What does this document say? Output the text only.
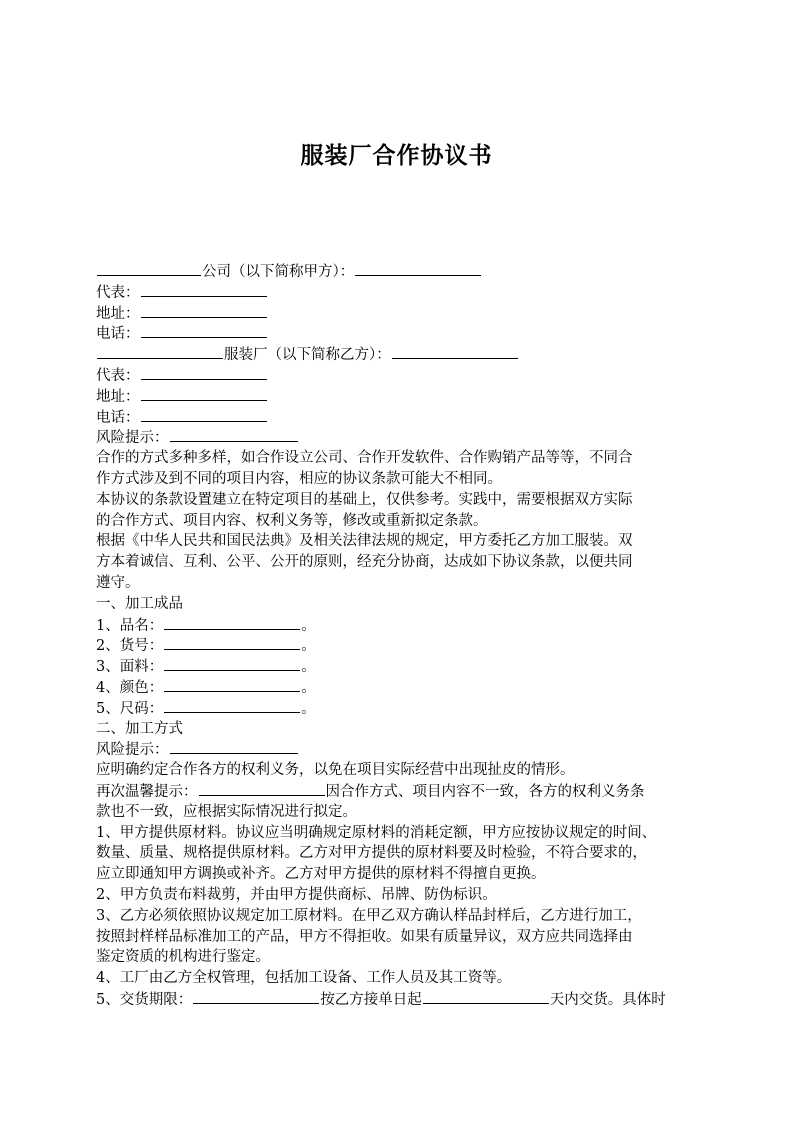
服装厂合作协议书
公司（以下简称甲方）：
代表：
地址：
电话：
服装厂（以下简称乙方）：
代表：
地址：
电话：
风险提示：
合作的方式多种多样，如合作设立公司、合作开发软件、合作购销产品等等，不同合
作方式涉及到不同的项目内容，相应的协议条款可能大不相同。
本协议的条款设置建立在特定项目的基础上，仅供参考。实践中，需要根据双方实际
的合作方式、项目内容、权利义务等，修改或重新拟定条款。
根据《中华人民共和国民法典》及相关法律法规的规定，甲方委托乙方加工服装。双
方本着诚信、互利、公平、公开的原则，经充分协商，达成如下协议条款，以便共同
遵守。
一、加工成品
1、品名：	。
2、货号：	。
3、面料：	。
4、颜色：	。
5、尺码：	。
二、加工方式
风险提示：
应明确约定合作各方的权利义务，以免在项目实际经营中出现扯皮的情形。
再次温馨提示：	因合作方式、项目内容不一致，各方的权利义务条
款也不一致，应根据实际情况进行拟定。
1、甲方提供原材料。协议应当明确规定原材料的消耗定额，甲方应按协议规定的时间、
数量、质量、规格提供原材料。乙方对甲方提供的原材料要及时检验，不符合要求的，
应立即通知甲方调换或补齐。乙方对甲方提供的原材料不得擅自更换。
2、甲方负责布料裁剪，并由甲方提供商标、吊牌、防伪标识。
3、乙方必须依照协议规定加工原材料。在甲乙双方确认样品封样后，乙方进行加工，
按照封样样品标准加工的产品，甲方不得拒收。如果有质量异议，双方应共同选择由
鉴定资质的机构进行鉴定。
4、工厂由乙方全权管理，包括加工设备、工作人员及其工资等。
5、交货期限：	按乙方接单日起	天内交货。具体时
